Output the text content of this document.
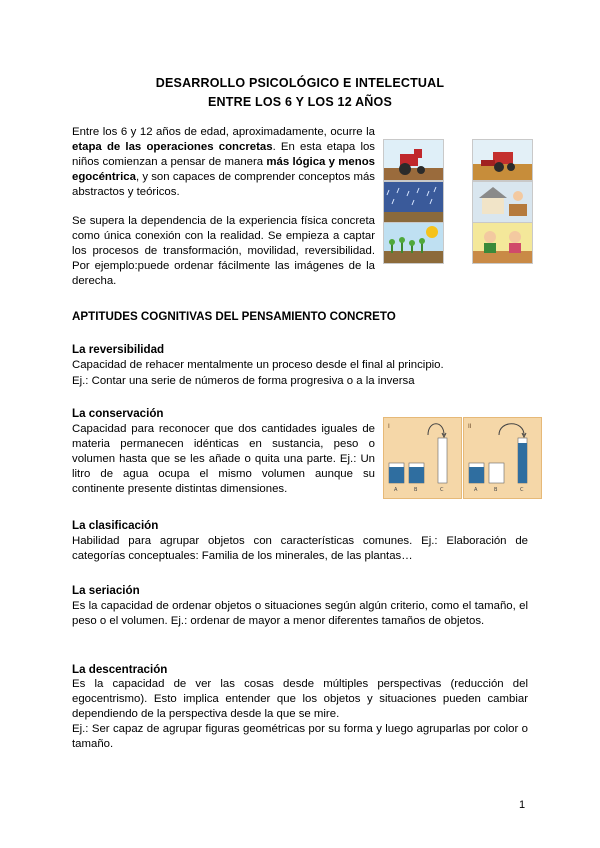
DESARROLLO PSICOLÓGICO E INTELECTUAL
ENTRE LOS 6 Y LOS 12 AÑOS
Entre los 6 y 12 años de edad, aproximadamente, ocurre la etapa de las operaciones concretas. En esta etapa los niños comienzan a pensar de manera más lógica y menos egocéntrica, y son capaces de comprender conceptos más abstractos y teóricos.
Se supera la dependencia de la experiencia física concreta como única conexión con la realidad. Se empieza a captar los procesos de transformación, movilidad, reversibilidad. Por ejemplo:puede ordenar fácilmente las imágenes de la derecha.
APTITUDES COGNITIVAS DEL PENSAMIENTO CONCRETO
La reversibilidad
Capacidad de rehacer mentalmente un proceso desde el final al principio.
Ej.: Contar una serie de números de forma progresiva o a la inversa
La conservación
Capacidad para reconocer que dos cantidades iguales de materia permanecen idénticas en sustancia, peso o volumen hasta que se les añade o quita una parte. Ej.: Un litro de agua ocupa el mismo volumen aunque su continente presente distintas dimensiones.
I
A	B	C
II
A	B	C
La clasificación
Habilidad para agrupar objetos con características comunes. Ej.: Elaboración de categorías conceptuales: Familia de los minerales, de las plantas…
La seriación
Es la capacidad de ordenar objetos o situaciones según algún criterio, como el tamaño, el peso o el volumen. Ej.: ordenar de mayor a menor diferentes tamaños de objetos.
La descentración
Es la capacidad de ver las cosas desde múltiples perspectivas (reducción del egocentrismo). Esto implica entender que los objetos y situaciones pueden cambiar dependiendo de la perspectiva desde la que se mire.
Ej.: Ser capaz de agrupar figuras geométricas por su forma y luego agruparlas por color o tamaño.
1
